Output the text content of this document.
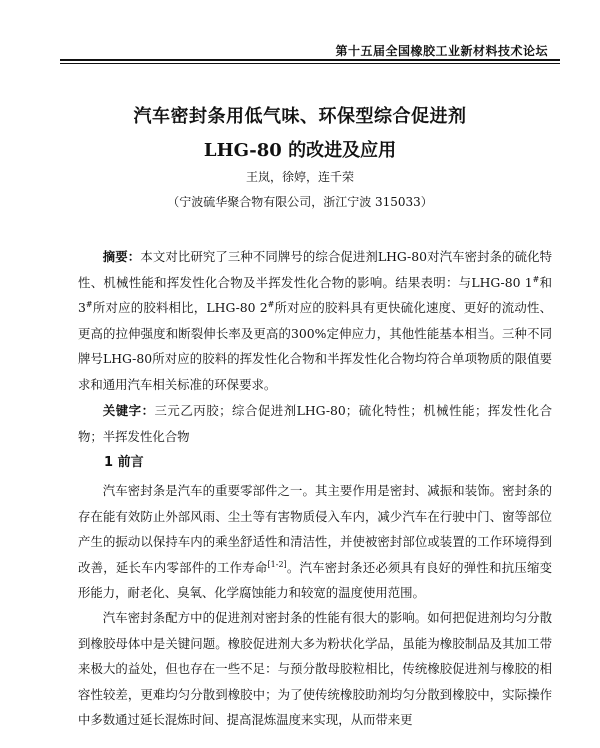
第十五届全国橡胶工业新材料技术论坛
汽车密封条用低气味、环保型综合促进剂
LHG-80 的改进及应用
王岚，徐婷，连千荣
（宁波硫华聚合物有限公司，浙江宁波 315033）
摘要：本文对比研究了三种不同牌号的综合促进剂LHG-80对汽车密封条的硫化特性、机械性能和挥发性化合物及半挥发性化合物的影响。结果表明：与LHG-80 1#和3#所对应的胶料相比，LHG-80 2#所对应的胶料具有更快硫化速度、更好的流动性、更高的拉伸强度和断裂伸长率及更高的300%定伸应力，其他性能基本相当。三种不同牌号LHG-80所对应的胶料的挥发性化合物和半挥发性化合物均符合单项物质的限值要求和通用汽车相关标准的环保要求。
关键字：三元乙丙胶；综合促进剂LHG-80；硫化特性；机械性能；挥发性化合物；半挥发性化合物
1 前言
汽车密封条是汽车的重要零部件之一。其主要作用是密封、减振和装饰。密封条的存在能有效防止外部风雨、尘土等有害物质侵入车内，减少汽车在行驶中门、窗等部位产生的振动以保持车内的乘坐舒适性和清洁性，并使被密封部位或装置的工作环境得到改善，延长车内零部件的工作寿命[1-2]。汽车密封条还必须具有良好的弹性和抗压缩变形能力，耐老化、臭氧、化学腐蚀能力和较宽的温度使用范围。
汽车密封条配方中的促进剂对密封条的性能有很大的影响。如何把促进剂均匀分散到橡胶母体中是关键问题。橡胶促进剂大多为粉状化学品，虽能为橡胶制品及其加工带来极大的益处，但也存在一些不足：与预分散母胶粒相比，传统橡胶促进剂与橡胶的相容性较差，更难均匀分散到橡胶中；为了使传统橡胶助剂均匀分散到橡胶中，实际操作中多数通过延长混炼时间、提高混炼温度来实现，从而带来更
